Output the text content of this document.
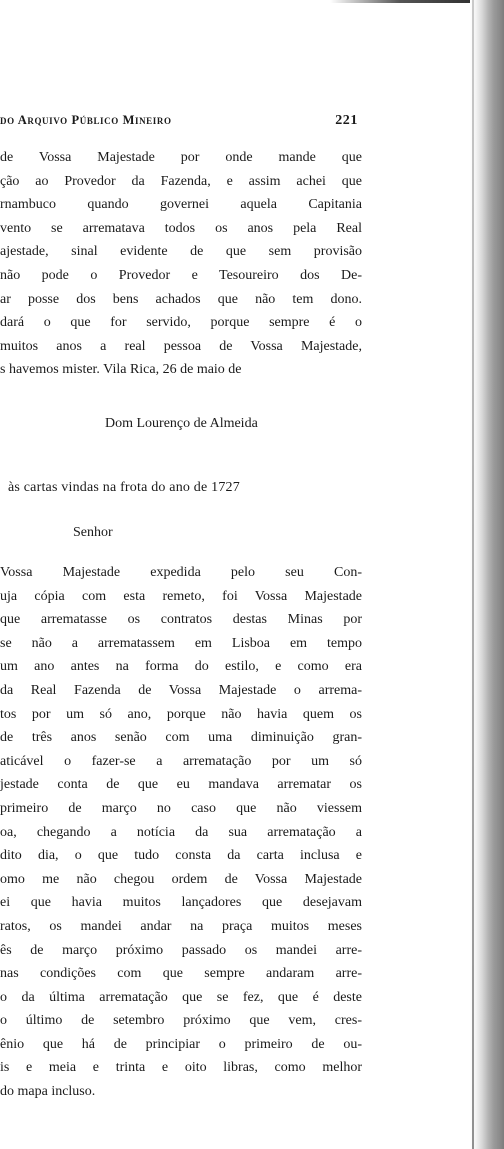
do Arquivo Público Mineiro	221
de Vossa Majestade por onde mande que
ção ao Provedor da Fazenda, e assim achei que
rnambuco quando governei aquela Capitania
vento se arrematava todos os anos pela Real
ajestade, sinal evidente de que sem provisão
não pode o Provedor e Tesoureiro dos De-
ar posse dos bens achados que não tem dono.
dará o que for servido, porque sempre é o
muitos anos a real pessoa de Vossa Majestade,
s havemos mister. Vila Rica, 26 de maio de
Dom Lourenço de Almeida
às cartas vindas na frota do ano de 1727
Senhor
Vossa Majestade expedida pelo seu Con-
uja cópia com esta remeto, foi Vossa Majestade
que arrematasse os contratos destas Minas por
se não a arrematassem em Lisboa em tempo
um ano antes na forma do estilo, e como era
da Real Fazenda de Vossa Majestade o arrema-
tos por um só ano, porque não havia quem os
de três anos senão com uma diminuição gran-
aticável o fazer-se a arrematação por um só
jestade conta de que eu mandava arrematar os
primeiro de março no caso que não viessem
oa, chegando a notícia da sua arrematação a
dito dia, o que tudo consta da carta inclusa e
omo me não chegou ordem de Vossa Majestade
ei que havia muitos lançadores que desejavam
ratos, os mandei andar na praça muitos meses
ês de março próximo passado os mandei arre-
nas condições com que sempre andaram arre-
o da última arrematação que se fez, que é deste
o último de setembro próximo que vem, cres-
ênio que há de principiar o primeiro de ou-
is e meia e trinta e oito libras, como melhor
do mapa incluso.
